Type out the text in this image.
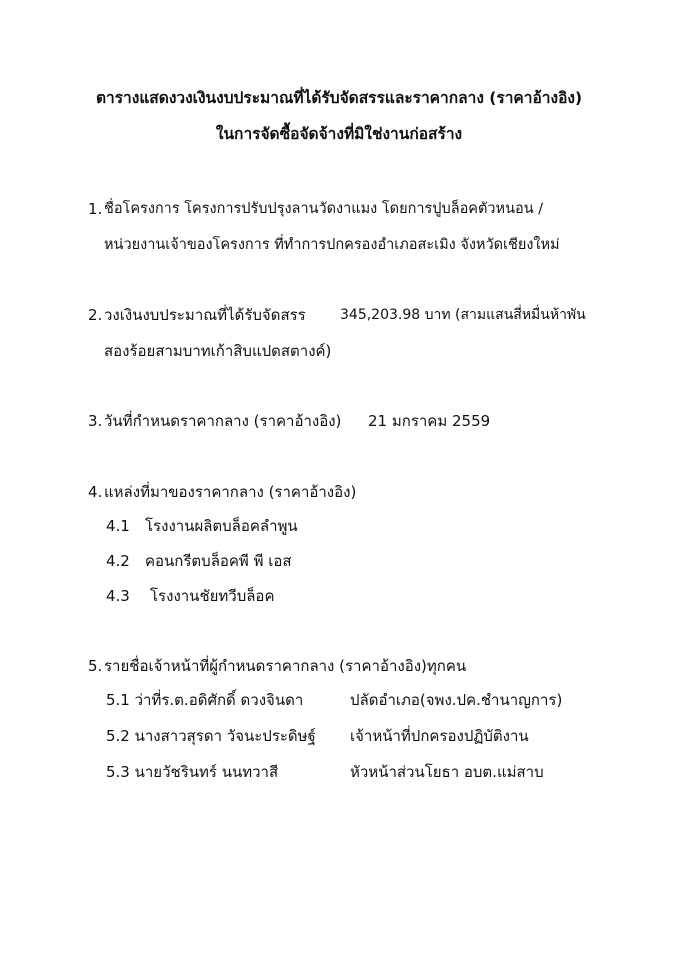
ตารางแสดงวงเงินงบประมาณที่ได้รับจัดสรรและราคากลาง (ราคาอ้างอิง)
ในการจัดซื้อจัดจ้างที่มิใช่งานก่อสร้าง
1. ชื่อโครงการ โครงการปรับปรุงลานวัดงาแมง โดยการปูบล็อคตัวหนอน /
หน่วยงานเจ้าของโครงการ ที่ทำการปกครองอำเภอสะเมิง จังหวัดเชียงใหม่
2. วงเงินงบประมาณที่ได้รับจัดสรร 345,203.98 บาท (สามแสนสี่หมื่นห้าพัน
สองร้อยสามบาทเก้าสิบแปดสตางค์)
3. วันที่กำหนดราคากลาง (ราคาอ้างอิง) 21 มกราคม 2559
4. แหล่งที่มาของราคากลาง (ราคาอ้างอิง)
4.1 โรงงานผลิตบล็อคลำพูน
4.2 คอนกรีตบล็อคพี พี เอส
4.3 โรงงานชัยทวีบล็อค
5. รายชื่อเจ้าหน้าที่ผู้กำหนดราคากลาง (ราคาอ้างอิง)ทุกคน
5.1 ว่าที่ร.ต.อดิศักดิ์ ดวงจินดา	ปลัดอำเภอ(จพง.ปค.ชำนาญการ)
5.2 นางสาวสุรดา วัจนะประดิษฐ์ เจ้าหน้าที่ปกครองปฏิบัติงาน
5.3 นายวัชรินทร์ นนทวาสี	หัวหน้าส่วนโยธา อบต.แม่สาบ
